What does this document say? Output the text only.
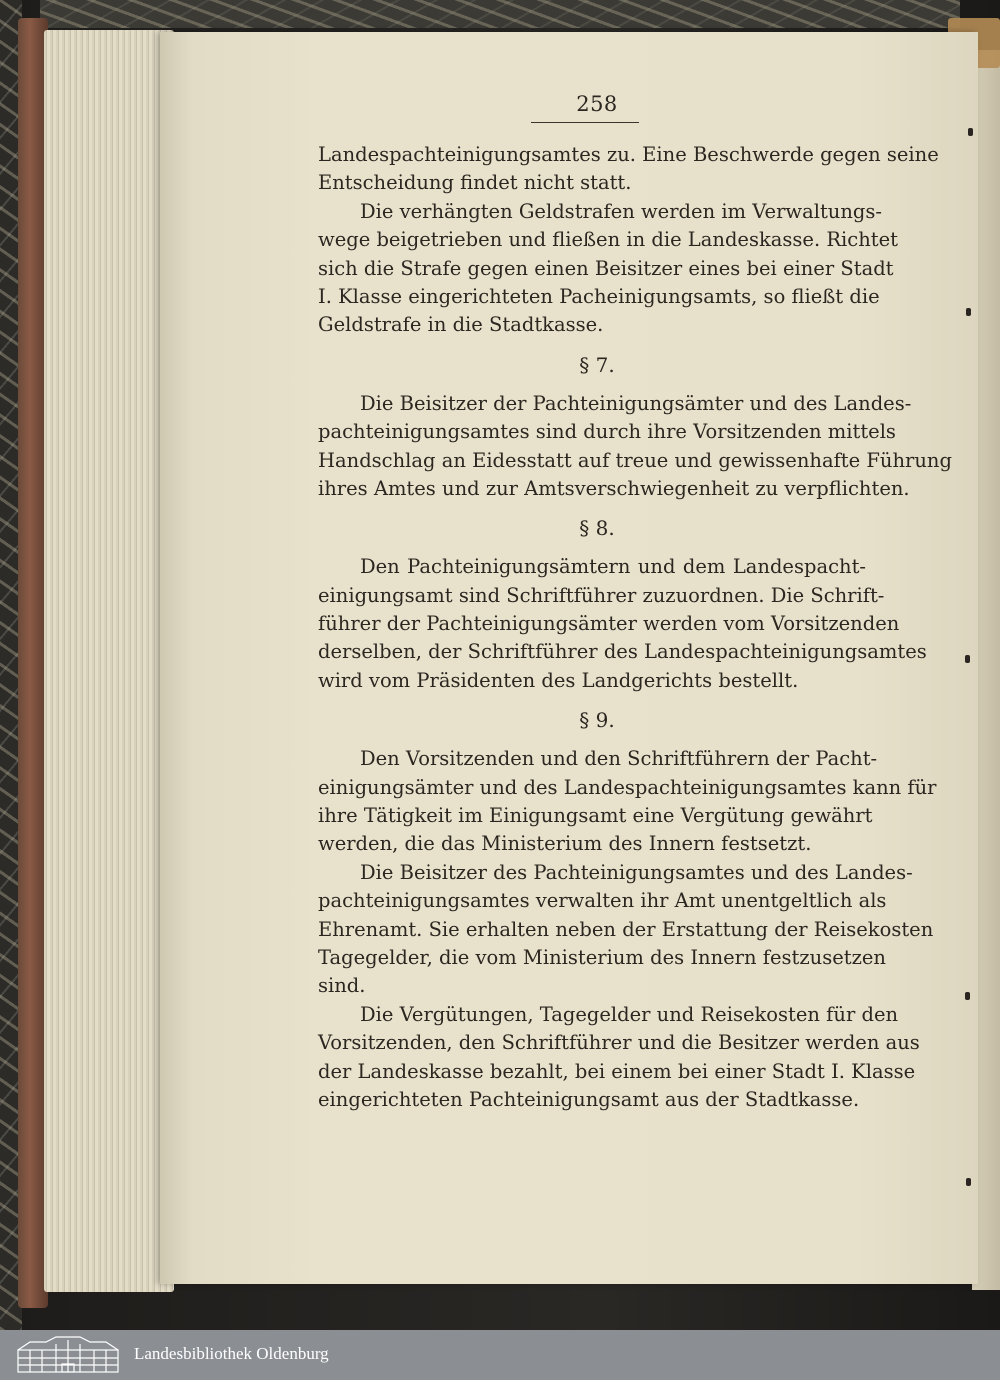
258
Landespachteinigungsamtes zu. Eine Beschwerde gegen seine
Entscheidung findet nicht statt.
Die verhängten Geldstrafen werden im Verwaltungs-
wege beigetrieben und fließen in die Landeskasse. Richtet
sich die Strafe gegen einen Beisitzer eines bei einer Stadt
I. Klasse eingerichteten Pacheinigungsamts, so fließt die
Geldstrafe in die Stadtkasse.
§ 7.
Die Beisitzer der Pachteinigungsämter und des Landes-
pachteinigungsamtes sind durch ihre Vorsitzenden mittels
Handschlag an Eidesstatt auf treue und gewissenhafte Führung
ihres Amtes und zur Amtsverschwiegenheit zu verpflichten.
§ 8.
Den Pachteinigungsämtern und dem Landespacht-
einigungsamt sind Schriftführer zuzuordnen. Die Schrift-
führer der Pachteinigungsämter werden vom Vorsitzenden
derselben, der Schriftführer des Landespachteinigungsamtes
wird vom Präsidenten des Landgerichts bestellt.
§ 9.
Den Vorsitzenden und den Schriftführern der Pacht-
einigungsämter und des Landespachteinigungsamtes kann für
ihre Tätigkeit im Einigungsamt eine Vergütung gewährt
werden, die das Ministerium des Innern festsetzt.
Die Beisitzer des Pachteinigungsamtes und des Landes-
pachteinigungsamtes verwalten ihr Amt unentgeltlich als
Ehrenamt. Sie erhalten neben der Erstattung der Reisekosten
Tagegelder, die vom Ministerium des Innern festzusetzen
sind.
Die Vergütungen, Tagegelder und Reisekosten für den
Vorsitzenden, den Schriftführer und die Besitzer werden aus
der Landeskasse bezahlt, bei einem bei einer Stadt I. Klasse
eingerichteten Pachteinigungsamt aus der Stadtkasse.
Landesbibliothek Oldenburg
